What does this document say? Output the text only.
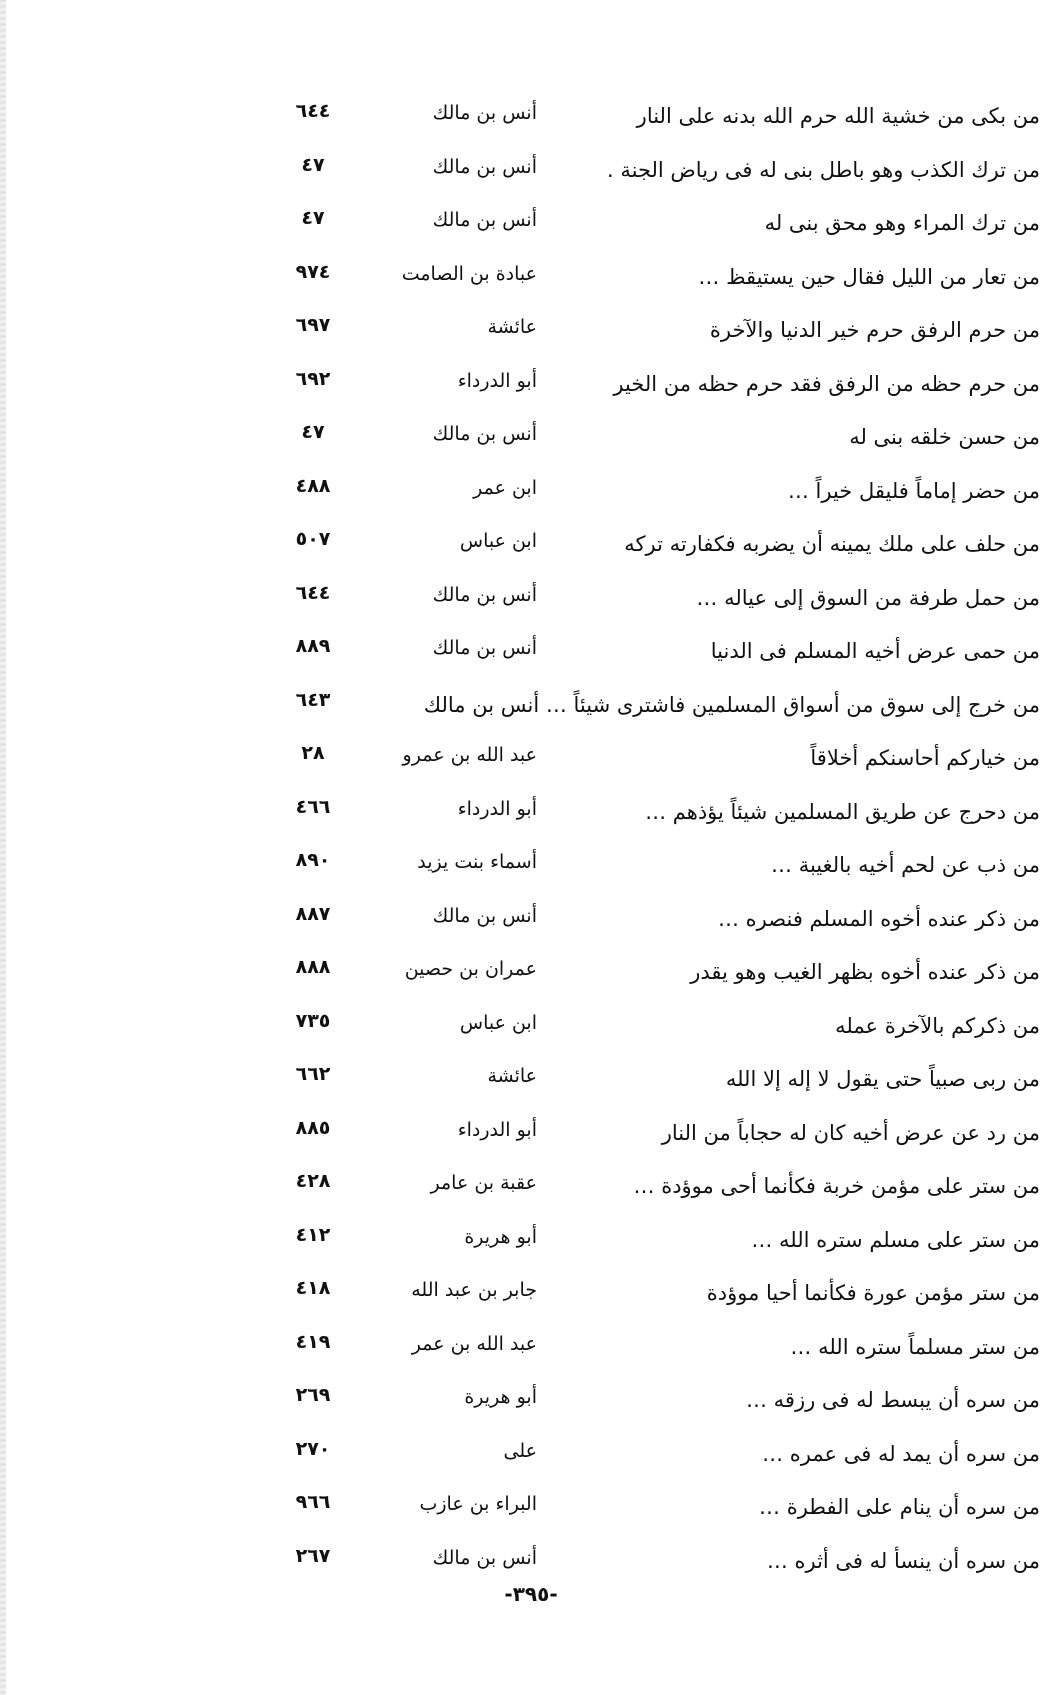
من بكى من خشية الله حرم الله بدنه على النار
أنس بن مالك
٦٤٤
من ترك الكذب وهو باطل بنى له فى رياض الجنة .
أنس بن مالك
٤٧
من ترك المراء وهو محق بنى له
أنس بن مالك
٤٧
من تعار من الليل فقال حين يستيقظ …
عبادة بن الصامت
٩٧٤
من حرم الرفق حرم خير الدنيا والآخرة
عائشة
٦٩٧
من حرم حظه من الرفق فقد حرم حظه من الخير
أبو الدرداء
٦٩٢
من حسن خلقه بنى له
أنس بن مالك
٤٧
من حضر إماماً فليقل خيراً …
ابن عمر
٤٨٨
من حلف على ملك يمينه أن يضربه فكفارته تركه
ابن عباس
٥٠٧
من حمل طرفة من السوق إلى عياله …
أنس بن مالك
٦٤٤
من حمى عرض أخيه المسلم فى الدنيا
أنس بن مالك
٨٨٩
من خرج إلى سوق من أسواق المسلمين فاشترى شيئاً … أنس بن مالك
٦٤٣
من خياركم أحاسنكم أخلاقاً
عبد الله بن عمرو
٢٨
من دحرج عن طريق المسلمين شيئاً يؤذهم …
أبو الدرداء
٤٦٦
من ذب عن لحم أخيه بالغيبة …
أسماء بنت يزيد
٨٩٠
من ذكر عنده أخوه المسلم فنصره …
أنس بن مالك
٨٨٧
من ذكر عنده أخوه بظهر الغيب وهو يقدر
عمران بن حصين
٨٨٨
من ذكركم بالآخرة عمله
ابن عباس
٧٣٥
من ربى صبياً حتى يقول لا إله إلا الله
عائشة
٦٦٢
من رد عن عرض أخيه كان له حجاباً من النار
أبو الدرداء
٨٨٥
من ستر على مؤمن خربة فكأنما أحى موؤدة …
عقبة بن عامر
٤٢٨
من ستر على مسلم ستره الله …
أبو هريرة
٤١٢
من ستر مؤمن عورة فكأنما أحيا موؤدة
جابر بن عبد الله
٤١٨
من ستر مسلماً ستره الله …
عبد الله بن عمر
٤١٩
من سره أن يبسط له فى رزقه …
أبو هريرة
٢٦٩
من سره أن يمد له فى عمره …
على
٢٧٠
من سره أن ينام على الفطرة …
البراء بن عازب
٩٦٦
من سره أن ينسأ له فى أثره …
أنس بن مالك
٢٦٧
-٣٩٥-
